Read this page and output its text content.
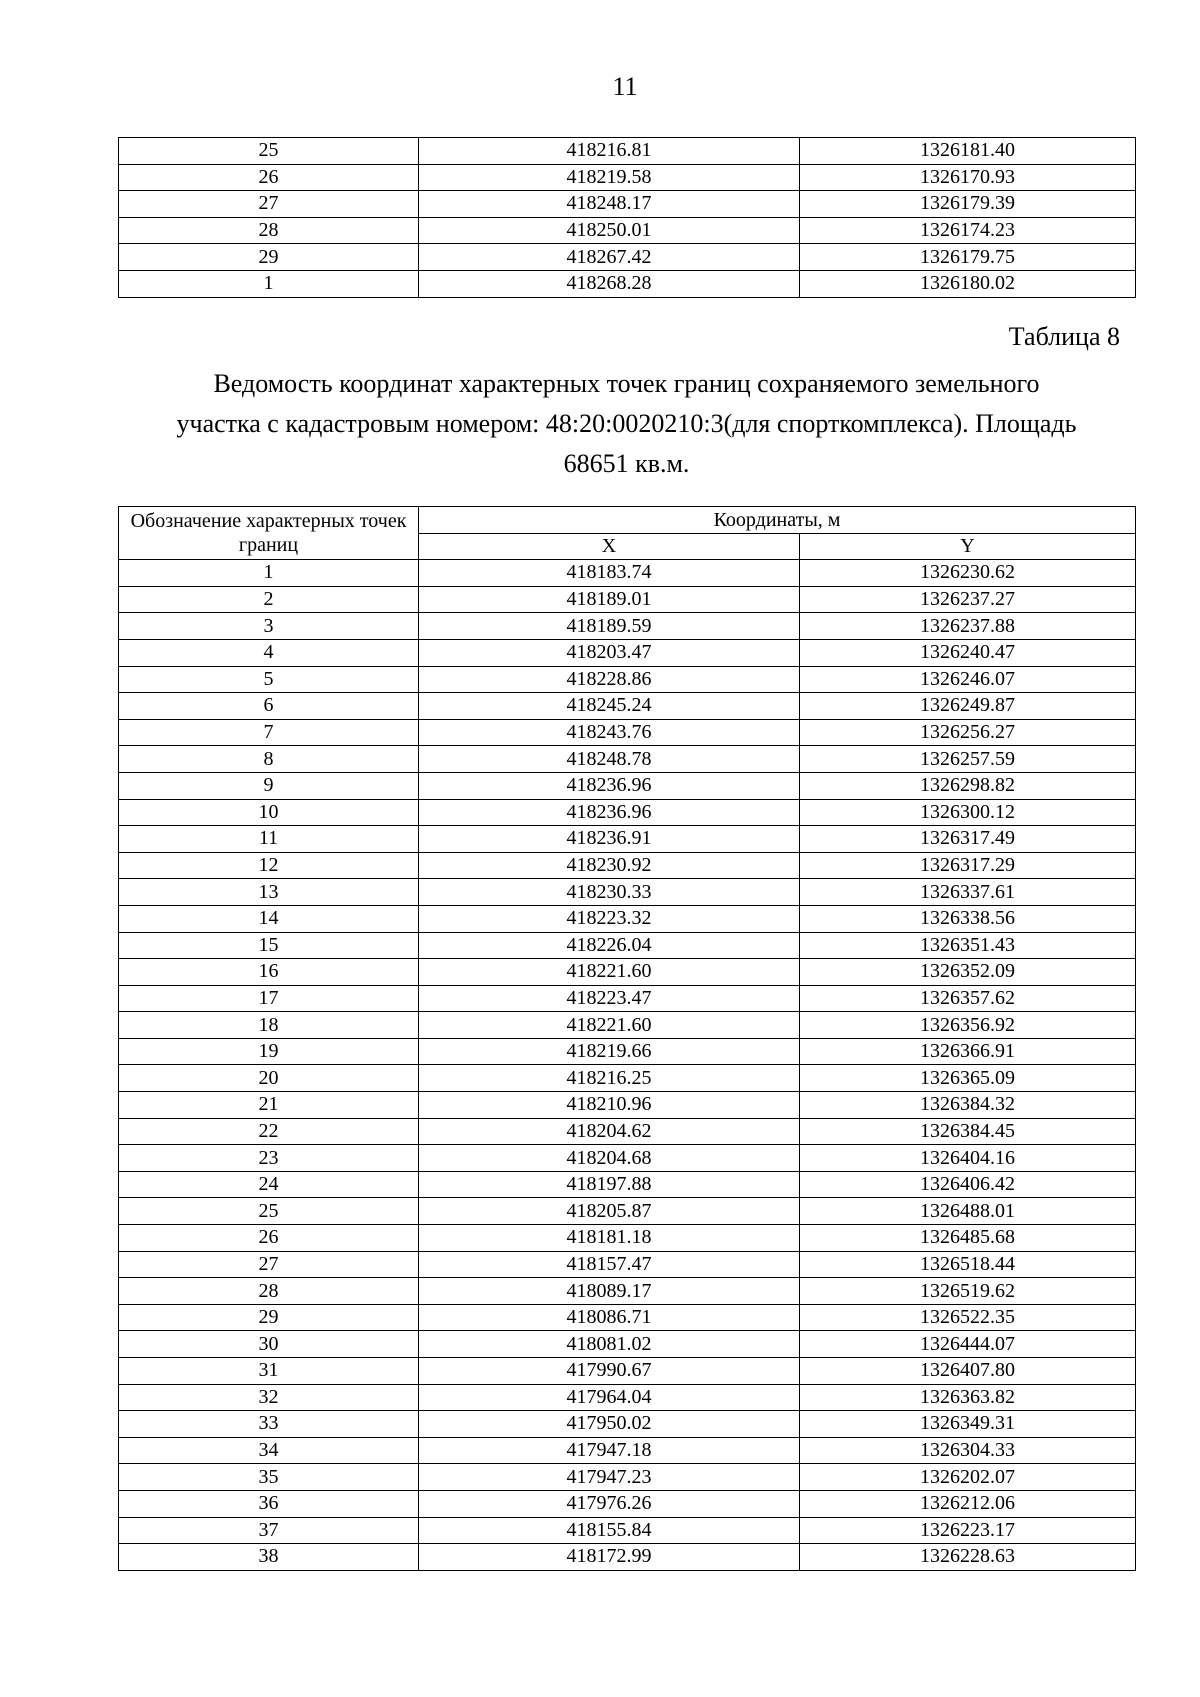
11
25	418216.81	1326181.40
26	418219.58	1326170.93
27	418248.17	1326179.39
28	418250.01	1326174.23
29	418267.42	1326179.75
1	418268.28	1326180.02
Таблица 8
Ведомость координат характерных точек границ сохраняемого земельного
участка с кадастровым номером: 48:20:0020210:3(для спорткомплекса). Площадь
68651 кв.м.
Обозначение характерных точек границ	Координаты, м	
	X	Y
1	418183.74	1326230.62
2	418189.01	1326237.27
3	418189.59	1326237.88
4	418203.47	1326240.47
5	418228.86	1326246.07
6	418245.24	1326249.87
7	418243.76	1326256.27
8	418248.78	1326257.59
9	418236.96	1326298.82
10	418236.96	1326300.12
11	418236.91	1326317.49
12	418230.92	1326317.29
13	418230.33	1326337.61
14	418223.32	1326338.56
15	418226.04	1326351.43
16	418221.60	1326352.09
17	418223.47	1326357.62
18	418221.60	1326356.92
19	418219.66	1326366.91
20	418216.25	1326365.09
21	418210.96	1326384.32
22	418204.62	1326384.45
23	418204.68	1326404.16
24	418197.88	1326406.42
25	418205.87	1326488.01
26	418181.18	1326485.68
27	418157.47	1326518.44
28	418089.17	1326519.62
29	418086.71	1326522.35
30	418081.02	1326444.07
31	417990.67	1326407.80
32	417964.04	1326363.82
33	417950.02	1326349.31
34	417947.18	1326304.33
35	417947.23	1326202.07
36	417976.26	1326212.06
37	418155.84	1326223.17
38	418172.99	1326228.63
